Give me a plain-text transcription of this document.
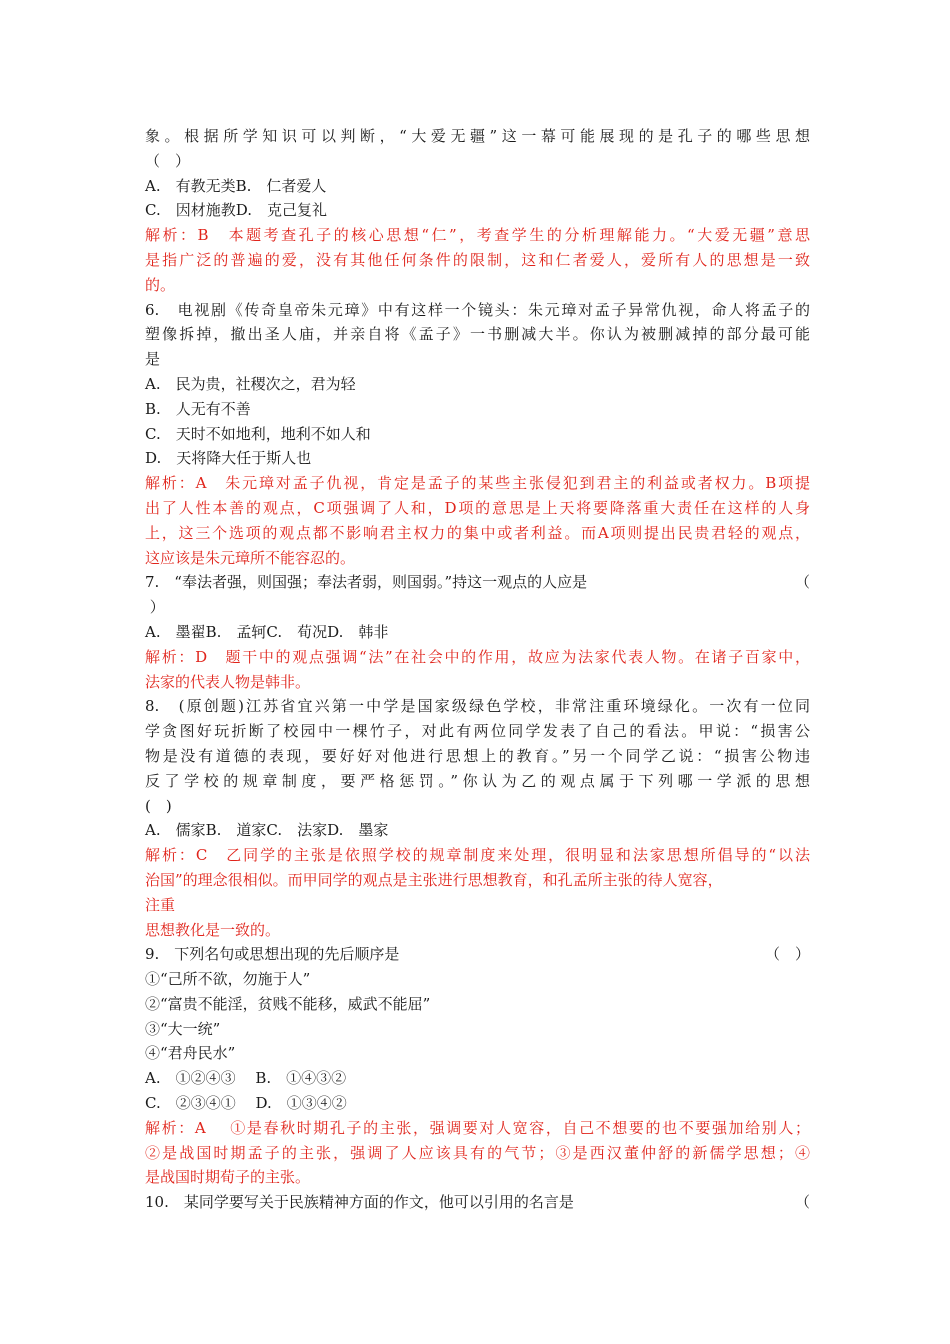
象。根据所学知识可以判断，“大爱无疆”这一幕可能展现的是孔子的哪些思想
（　）
A.　有教无类B.　仁者爱人
C.　因材施教D.　克己复礼
解析：B　本题考查孔子的核心思想“仁”，考查学生的分析理解能力。“大爱无疆”意思
是指广泛的普遍的爱，没有其他任何条件的限制，这和仁者爱人，爱所有人的思想是一致
的。
6.　电视剧《传奇皇帝朱元璋》中有这样一个镜头：朱元璋对孟子异常仇视，命人将孟子的
塑像拆掉，撤出圣人庙，并亲自将《孟子》一书删减大半。你认为被删减掉的部分最可能
是
A.　民为贵，社稷次之，君为轻
B.　人无有不善
C.　天时不如地利，地利不如人和
D.　天将降大任于斯人也
解析：A　朱元璋对孟子仇视，肯定是孟子的某些主张侵犯到君主的利益或者权力。B项提
出了人性本善的观点，C项强调了人和，D项的意思是上天将要降落重大责任在这样的人身
上，这三个选项的观点都不影响君主权力的集中或者利益。而A项则提出民贵君轻的观点，
这应该是朱元璋所不能容忍的。
7.　“奉法者强，则国强；奉法者弱，则国弱。”持这一观点的人应是	（
）
A.　墨翟B.　孟轲C.　荀况D.　韩非
解析：D　题干中的观点强调“法”在社会中的作用，故应为法家代表人物。在诸子百家中，
法家的代表人物是韩非。
8.　(原创题)江苏省宜兴第一中学是国家级绿色学校，非常注重环境绿化。一次有一位同
学贪图好玩折断了校园中一棵竹子，对此有两位同学发表了自己的看法。甲说：“损害公
物是没有道德的表现，要好好对他进行思想上的教育。”另一个同学乙说：“损害公物违
反了学校的规章制度，要严格惩罚。”你认为乙的观点属于下列哪一学派的思想
(　)
A.　儒家B.　道家C.　法家D.　墨家
解析：C　乙同学的主张是依照学校的规章制度来处理，很明显和法家思想所倡导的“以法
治国”的理念很相似。而甲同学的观点是主张进行思想教育，和孔孟所主张的待人宽容，
注重
思想教化是一致的。
9.　下列名句或思想出现的先后顺序是	（　）
①“己所不欲，勿施于人”
②“富贵不能淫，贫贱不能移，威武不能屈”
③“大一统”
④“君舟民水”
A.　①②④③　 B.　①④③②
C.　②③④①　 D.　①③④②
解析：A　 ①是春秋时期孔子的主张，强调要对人宽容，自己不想要的也不要强加给别人；
②是战国时期孟子的主张，强调了人应该具有的气节；③是西汉董仲舒的新儒学思想；④
是战国时期荀子的主张。
10.　某同学要写关于民族精神方面的作文，他可以引用的名言是	（
